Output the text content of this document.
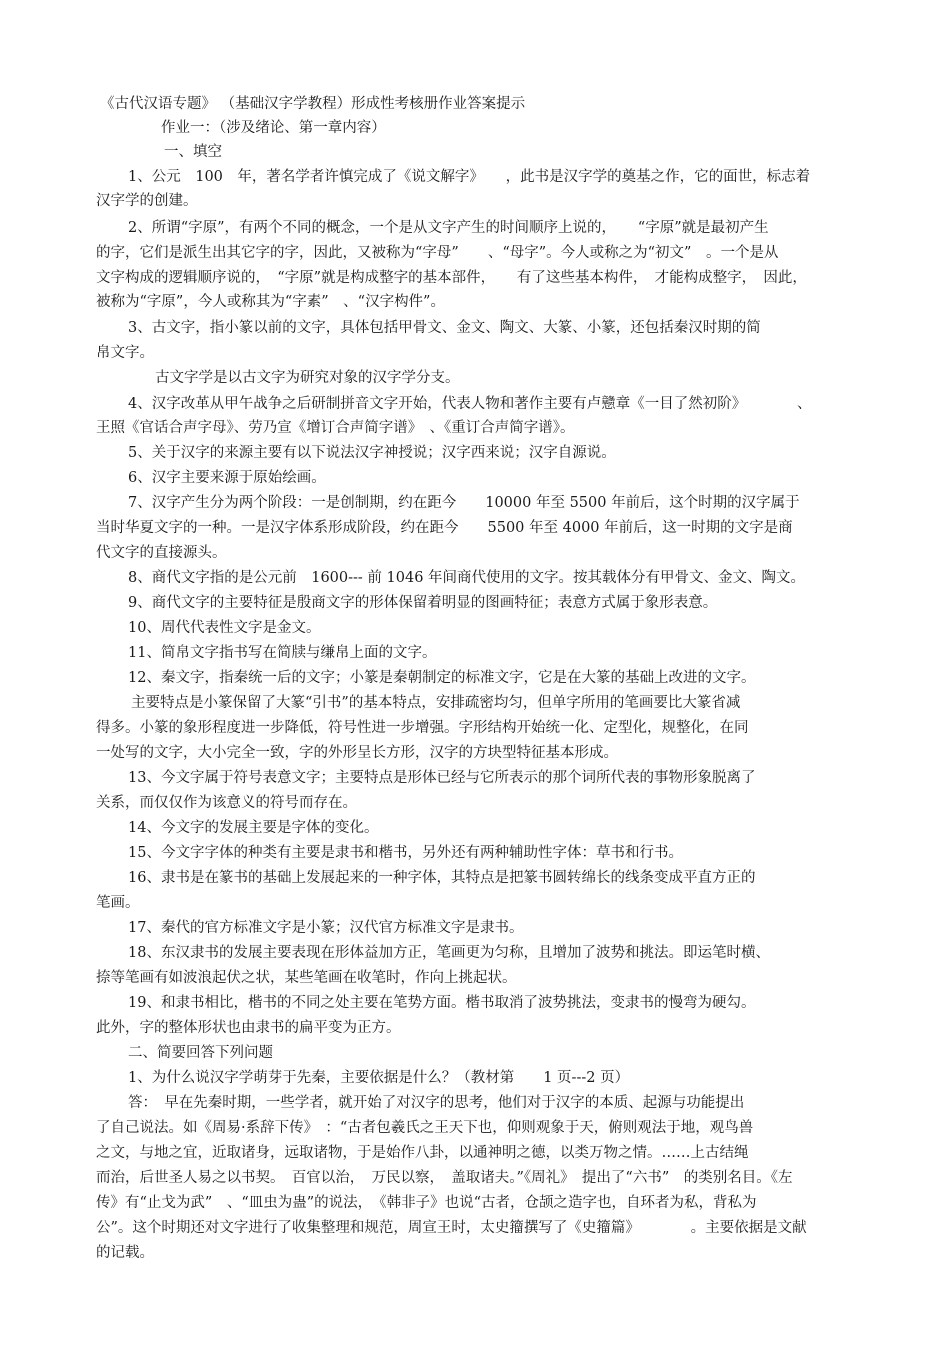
《古代汉语专题》 （基础汉字学教程）形成性考核册作业答案提示

作业一：（涉及绪论、第一章内容）

一、填空

1、公元　100　年，著名学者许慎完成了《说文解字》　　，此书是汉字学的奠基之作，它的面世，标志着

汉字学的创建。

2、所谓“字原”，有两个不同的概念，一个是从文字产生的时间顺序上说的，　　“字原”就是最初产生

的字，它们是派生出其它字的字，因此，又被称为“字母”　　、“母字”。今人或称之为“初文”　。一个是从

文字构成的逻辑顺序说的，　“字原”就是构成整字的基本部件，　　有了这些基本构件，　才能构成整字，　因此，

被称为“字原”，今人或称其为“字素”　、“汉字构件”。

3、古文字，指小篆以前的文字，具体包括甲骨文、金文、陶文、大篆、小篆，还包括秦汉时期的简

帛文字。

古文字学是以古文字为研究对象的汉字学分支。

4、汉字改革从甲午战争之后研制拼音文字开始，代表人物和著作主要有卢戆章《一目了然初阶》　　　　、

王照《官话合声字母》、劳乃宣《增订合声简字谱》　、《重订合声简字谱》。

5、关于汉字的来源主要有以下说法汉字神授说；汉字西来说；汉字自源说。

6、汉字主要来源于原始绘画。

7、汉字产生分为两个阶段：一是创制期，约在距今　　10000 年至 5500 年前后，这个时期的汉字属于

当时华夏文字的一种。一是汉字体系形成阶段，约在距今　　5500 年至 4000 年前后，这一时期的文字是商

代文字的直接源头。

8、商代文字指的是公元前　1600--- 前 1046 年间商代使用的文字。按其载体分有甲骨文、金文、陶文。

9、商代文字的主要特征是殷商文字的形体保留着明显的图画特征；表意方式属于象形表意。

10、周代代表性文字是金文。

11、简帛文字指书写在简牍与缣帛上面的文字。

12、秦文字，指秦统一后的文字；小篆是秦朝制定的标准文字，它是在大篆的基础上改进的文字。

主要特点是小篆保留了大篆“引书”的基本特点，安排疏密均匀，但单字所用的笔画要比大篆省减

得多。小篆的象形程度进一步降低，符号性进一步增强。字形结构开始统一化、定型化，规整化，在同

一处写的文字，大小完全一致，字的外形呈长方形，汉字的方块型特征基本形成。

13、今文字属于符号表意文字；主要特点是形体已经与它所表示的那个词所代表的事物形象脱离了

关系，而仅仅作为该意义的符号而存在。

14、今文字的发展主要是字体的变化。

15、今文字字体的种类有主要是隶书和楷书，另外还有两种辅助性字体：草书和行书。

16、隶书是在篆书的基础上发展起来的一种字体，其特点是把篆书圆转绵长的线条变成平直方正的

笔画。

17、秦代的官方标准文字是小篆；汉代官方标准文字是隶书。

18、东汉隶书的发展主要表现在形体益加方正，笔画更为匀称，且增加了波势和挑法。即运笔时横、

捺等笔画有如波浪起伏之状，某些笔画在收笔时，作向上挑起状。

19、和隶书相比，楷书的不同之处主要在笔势方面。楷书取消了波势挑法，变隶书的慢弯为硬勾。

此外，字的整体形状也由隶书的扁平变为正方。

二、简要回答下列问题

1、为什么说汉字学萌芽于先秦，主要依据是什么？（教材第　　1 页---2 页）

答：　早在先秦时期，一些学者，就开始了对汉字的思考，他们对于汉字的本质、起源与功能提出

了自己说法。如《周易·系辞下传》　：“古者包羲氏之王天下也，仰则观象于天，俯则观法于地，观鸟兽

之文，与地之宜，近取诸身，远取诸物，于是始作八卦，以通神明之德，以类万物之情。……上古结绳

而治，后世圣人易之以书契。　百官以治，　万民以察，　盖取诸夫。”《周礼》　提出了“六书”　的类别名目。《左

传》有“止戈为武”　、“皿虫为蛊”的说法，　《韩非子》也说“古者，仓颉之造字也，自环者为私，背私为

公”。这个时期还对文字进行了收集整理和规范，周宣王时，太史籀撰写了《史籀篇》　　　　。主要依据是文献

的记载。
